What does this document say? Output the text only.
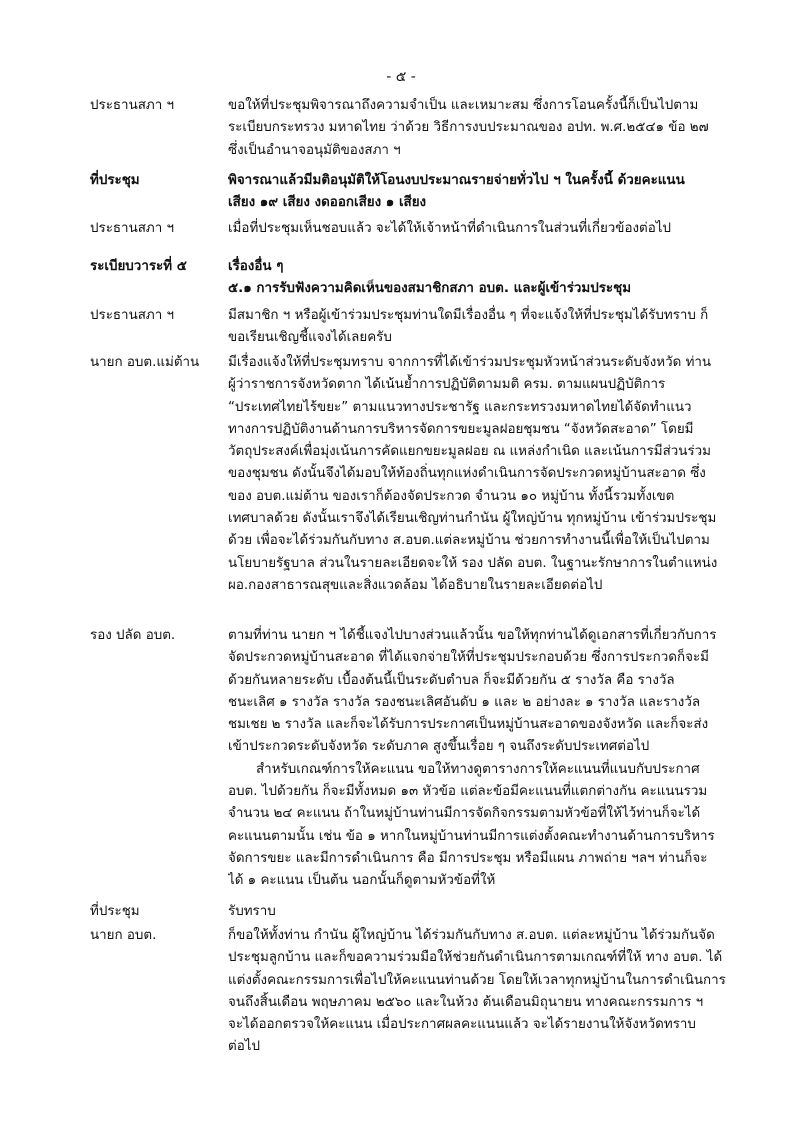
- ๕ -
ประธานสภา ฯ	ขอให้ที่ประชุมพิจารณาถึงความจำเป็น และเหมาะสม ซึ่งการโอนครั้งนี้ก็เป็นไปตาม
ระเบียบกระทรวง มหาดไทย ว่าด้วย วิธีการงบประมาณของ อปท. พ.ศ.๒๕๔๑ ข้อ ๒๗
ซึ่งเป็นอำนาจอนุมัติของสภา ฯ
ที่ประชุม	พิจารณาแล้วมีมติอนุมัติให้โอนงบประมาณรายจ่ายทั่วไป ฯ ในครั้งนี้ ด้วยคะแนน
เสียง ๑๙ เสียง งดออกเสียง ๑ เสียง
ประธานสภา ฯ	เมื่อที่ประชุมเห็นชอบแล้ว จะได้ให้เจ้าหน้าที่ดำเนินการในส่วนที่เกี่ยวข้องต่อไป
ระเบียบวาระที่ ๕	เรื่องอื่น ๆ
๕.๑ การรับฟังความคิดเห็นของสมาชิกสภา อบต. และผู้เข้าร่วมประชุม
ประธานสภา ฯ	มีสมาชิก ฯ หรือผู้เข้าร่วมประชุมท่านใดมีเรื่องอื่น ๆ ที่จะแจ้งให้ที่ประชุมได้รับทราบ ก็
ขอเรียนเชิญชี้แจงได้เลยครับ
นายก อบต.แม่ต้าน	มีเรื่องแจ้งให้ที่ประชุมทราบ จากการที่ได้เข้าร่วมประชุมหัวหน้าส่วนระดับจังหวัด ท่าน
ผู้ว่าราชการจังหวัดตาก ได้เน้นย้ำการปฏิบัติตามมติ ครม. ตามแผนปฏิบัติการ
“ประเทศไทยไร้ขยะ” ตามแนวทางประชารัฐ และกระทรวงมหาดไทยได้จัดทำแนว
ทางการปฏิบัติงานด้านการบริหารจัดการขยะมูลฝอยชุมชน “จังหวัดสะอาด” โดยมี
วัตถุประสงค์เพื่อมุ่งเน้นการคัดแยกขยะมูลฝอย ณ แหล่งกำเนิด และเน้นการมีส่วนร่วม
ของชุมชน ดังนั้นจึงได้มอบให้ท้องถิ่นทุกแห่งดำเนินการจัดประกวดหมู่บ้านสะอาด ซึ่ง
ของ อบต.แม่ต้าน ของเราก็ต้องจัดประกวด จำนวน ๑๐ หมู่บ้าน ทั้งนี้รวมทั้งเขต
เทศบาลด้วย ดังนั้นเราจึงได้เรียนเชิญท่านกำนัน ผู้ใหญ่บ้าน ทุกหมู่บ้าน เข้าร่วมประชุม
ด้วย เพื่อจะได้ร่วมกันกับทาง ส.อบต.แต่ละหมู่บ้าน ช่วยการทำงานนี้เพื่อให้เป็นไปตาม
นโยบายรัฐบาล ส่วนในรายละเอียดจะให้ รอง ปลัด อบต. ในฐานะรักษาการในตำแหน่ง
ผอ.กองสาธารณสุขและสิ่งแวดล้อม ได้อธิบายในรายละเอียดต่อไป
รอง ปลัด อบต.	ตามที่ท่าน นายก ฯ ได้ชี้แจงไปบางส่วนแล้วนั้น ขอให้ทุกท่านได้ดูเอกสารที่เกี่ยวกับการ
จัดประกวดหมู่บ้านสะอาด ที่ได้แจกจ่ายให้ที่ประชุมประกอบด้วย ซึ่งการประกวดก็จะมี
ด้วยกันหลายระดับ เบื้องต้นนี้เป็นระดับตำบล ก็จะมีด้วยกัน ๕ รางวัล คือ รางวัล
ชนะเลิศ ๑ รางวัล รางวัล รองชนะเลิศอันดับ ๑ และ ๒ อย่างละ ๑ รางวัล และรางวัล
ชมเชย ๒ รางวัล และก็จะได้รับการประกาศเป็นหมู่บ้านสะอาดของจังหวัด และก็จะส่ง
เข้าประกวดระดับจังหวัด ระดับภาค สูงขึ้นเรื่อย ๆ จนถึงระดับประเทศต่อไป
สำหรับเกณฑ์การให้คะแนน ขอให้ทางดูตารางการให้คะแนนที่แนบกับประกาศ
อบต. ไปด้วยกัน ก็จะมีทั้งหมด ๑๓ หัวข้อ แต่ละข้อมีคะแนนที่แตกต่างกัน คะแนนรวม
จำนวน ๒๔ คะแนน ถ้าในหมู่บ้านท่านมีการจัดกิจกรรมตามหัวข้อที่ให้ไว้ท่านก็จะได้
คะแนนตามนั้น เช่น ข้อ ๑ หากในหมู่บ้านท่านมีการแต่งตั้งคณะทำงานด้านการบริหาร
จัดการขยะ และมีการดำเนินการ คือ มีการประชุม หรือมีแผน ภาพถ่าย ฯลฯ ท่านก็จะ
ได้ ๑ คะแนน เป็นต้น นอกนั้นก็ดูตามหัวข้อที่ให้
ที่ประชุม	รับทราบ
นายก อบต.	ก็ขอให้ทั้งท่าน กำนัน ผู้ใหญ่บ้าน ได้ร่วมกันกับทาง ส.อบต. แต่ละหมู่บ้าน ได้ร่วมกันจัด
ประชุมลูกบ้าน และก็ขอความร่วมมือให้ช่วยกันดำเนินการตามเกณฑ์ที่ให้ ทาง อบต. ได้
แต่งตั้งคณะกรรมการเพื่อไปให้คะแนนท่านด้วย โดยให้เวลาทุกหมู่บ้านในการดำเนินการ
จนถึงสิ้นเดือน พฤษภาคม ๒๕๖๐ และในห้วง ต้นเดือนมิถุนายน ทางคณะกรรมการ ฯ
จะได้ออกตรวจให้คะแนน เมื่อประกาศผลคะแนนแล้ว จะได้รายงานให้จังหวัดทราบ
ต่อไป
